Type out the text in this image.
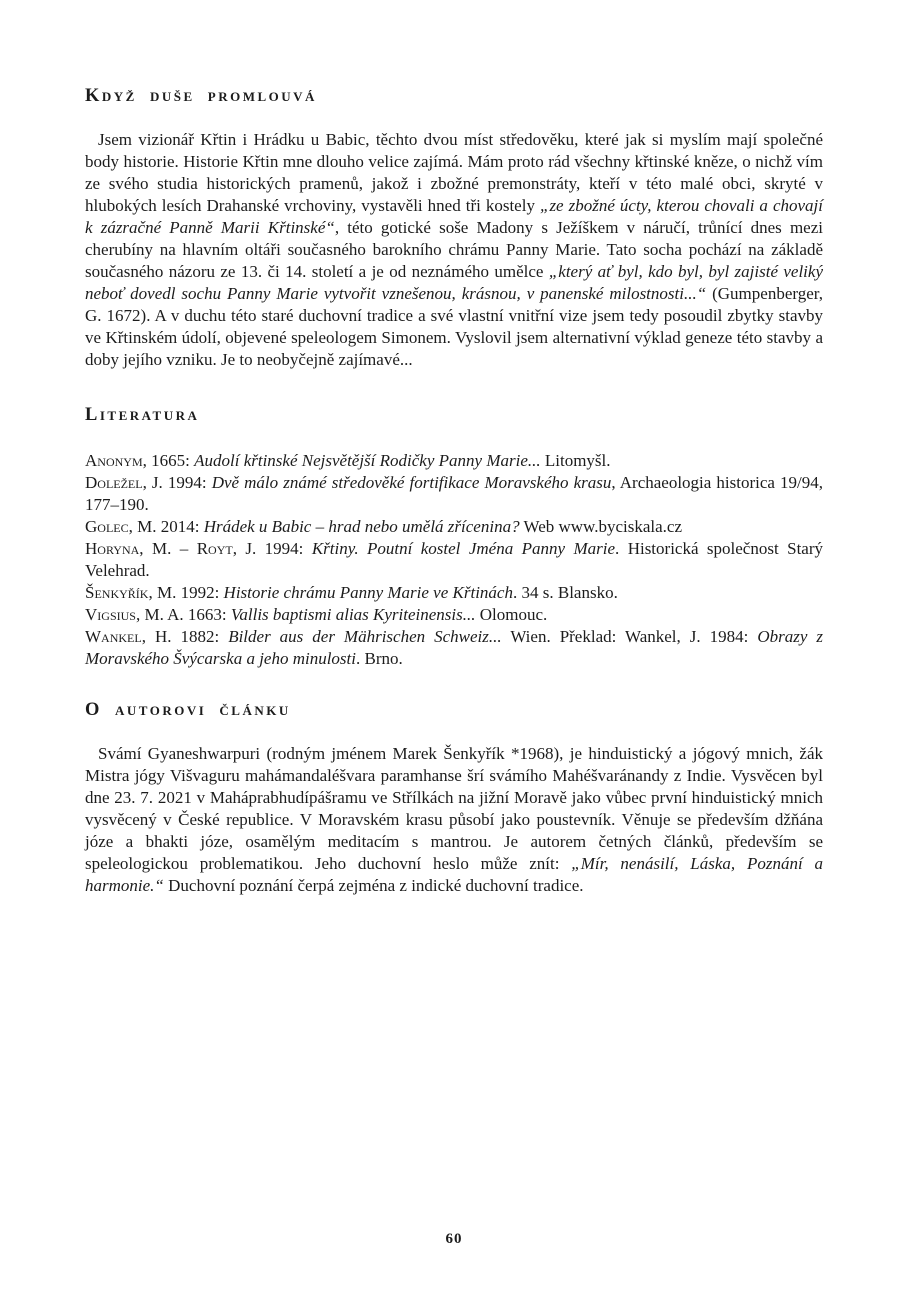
Když duše promlouvá

Jsem vizionář Křtin i Hrádku u Babic, těchto dvou míst středověku, které jak si myslím mají společné body historie. Historie Křtin mne dlouho velice zajímá. Mám proto rád všechny křtinské kněze, o nichž vím ze svého studia historických pramenů, jakož i zbožné premonstráty, kteří v této malé obci, skryté v hlubokých lesích Drahanské vrchoviny, vystavěli hned tři kostely „ze zbožné úcty, kterou chovali a chovají k zázračné Panně Marii Křtinské“, této gotické soše Madony s Ježíškem v náručí, trůnící dnes mezi cherubíny na hlavním oltáři současného barokního chrámu Panny Marie. Tato socha pochází na základě současného názoru ze 13. či 14. století a je od neznámého umělce „který ať byl, kdo byl, byl zajisté veliký neboť dovedl sochu Panny Marie vytvořit vznešenou, krásnou, v panenské milostnosti...“ (Gumpenberger, G. 1672). A v duchu této staré duchovní tradice a své vlastní vnitřní vize jsem tedy posoudil zbytky stavby ve Křtinském údolí, objevené speleologem Simonem. Vyslovil jsem alternativní výklad geneze této stavby a doby jejího vzniku. Je to neobyčejně zajímavé...

Literatura

Anonym, 1665: Audolí křtinské Nejsvětější Rodičky Panny Marie... Litomyšl.

Doležel, J. 1994: Dvě málo známé středověké fortifikace Moravského krasu, Archaeologia historica 19/94, 177–190.

Golec, M. 2014: Hrádek u Babic – hrad nebo umělá zřícenina? Web www.byciskala.cz

Horyna, M. – Royt, J. 1994: Křtiny. Poutní kostel Jména Panny Marie. Historická společnost Starý Velehrad.

Šenkyřík, M. 1992: Historie chrámu Panny Marie ve Křtinách. 34 s. Blansko.

Vigsius, M. A. 1663: Vallis baptismi alias Kyriteinensis... Olomouc.

Wankel, H. 1882: Bilder aus der Mährischen Schweiz... Wien. Překlad: Wankel, J. 1984: Obrazy z Moravského Švýcarska a jeho minulosti. Brno.

O autorovi článku

Svámí Gyaneshwarpuri (rodným jménem Marek Šenkyřík *1968), je hinduistický a jógový mnich, žák Mistra jógy Višvaguru mahámandaléšvara paramhanse šrí svámího Mahéšvaránandy z Indie. Vysvěcen byl dne 23. 7. 2021 v Maháprabhudípášramu ve Střílkách na jižní Moravě jako vůbec první hinduistický mnich vysvěcený v České republice. V Moravském krasu působí jako poustevník. Věnuje se především džňána józe a bhakti józe, osamělým meditacím s mantrou. Je autorem četných článků, především se speleologickou problematikou. Jeho duchovní heslo může znít: „Mír, nenásilí, Láska, Poznání a harmonie.“ Duchovní poznání čerpá zejména z indické duchovní tradice.

60
